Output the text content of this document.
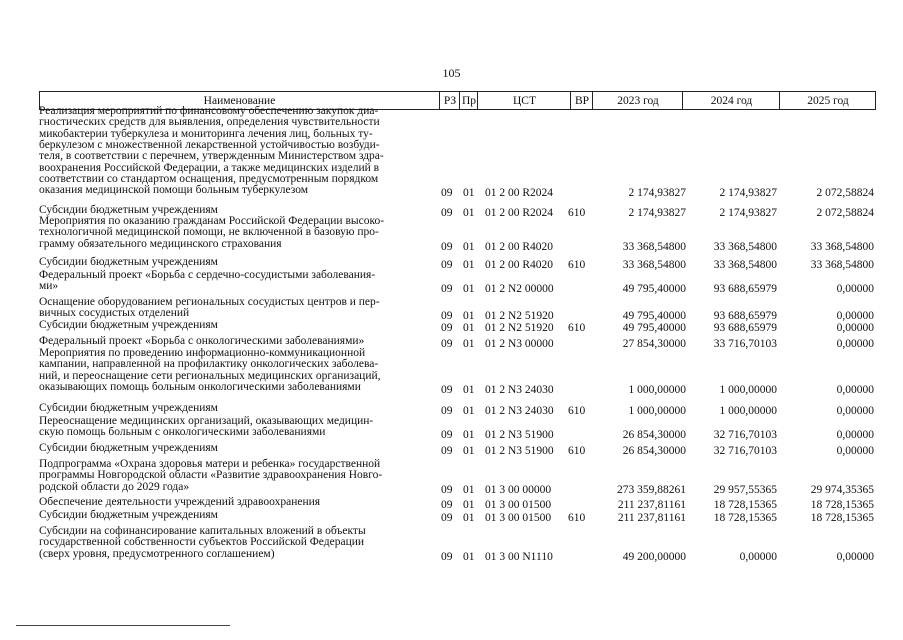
105
Наименование	РЗ Пр	ЦСТ	ВР	2023 год	2024 год	2025 год
Реализация мероприятий по финансовому обеспечению закупок диа-
гностических средств для выявления, определения чувствительности
микобактерии туберкулеза и мониторинга лечения лиц, больных ту-
беркулезом с множественной лекарственной устойчивостью возбуди-
теля, в соответствии с перечнем, утвержденным Министерством здра-
воохранения Российской Федерации, а также медицинских изделий в
соответствии со стандартом оснащения, предусмотренным порядком
оказания медицинской помощи больным туберкулезом	09 01 01 2 00 R2024	2 174,93827	2 174,93827	2 072,58824
Субсидии бюджетным учреждениям	09 01 01 2 00 R2024	610	2 174,93827	2 174,93827	2 072,58824
Мероприятия по оказанию гражданам Российской Федерации высоко-
технологичной медицинской помощи, не включенной в базовую про-
грамму обязательного медицинского страхования	09 01 01 2 00 R4020	33 368,54800	33 368,54800	33 368,54800
Субсидии бюджетным учреждениям	09 01 01 2 00 R4020	610	33 368,54800	33 368,54800	33 368,54800
Федеральный проект «Борьба с сердечно-сосудистыми заболевания-
ми»	09 01 01 2 N2 00000	49 795,40000	93 688,65979	0,00000
Оснащение оборудованием региональных сосудистых центров и пер-
вичных сосудистых отделений	09 01 01 2 N2 51920	49 795,40000	93 688,65979	0,00000
Субсидии бюджетным учреждениям	09 01 01 2 N2 51920	610	49 795,40000	93 688,65979	0,00000
Федеральный проект «Борьба с онкологическими заболеваниями»	09 01 01 2 N3 00000	27 854,30000	33 716,70103	0,00000
Мероприятия по проведению информационно-коммуникационной
кампании, направленной на профилактику онкологических заболева-
ний, и переоснащение сети региональных медицинских организаций,
оказывающих помощь больным онкологическими заболеваниями	09 01 01 2 N3 24030	1 000,00000	1 000,00000	0,00000
Субсидии бюджетным учреждениям	09 01 01 2 N3 24030	610	1 000,00000	1 000,00000	0,00000
Переоснащение медицинских организаций, оказывающих медицин-
скую помощь больным с онкологическими заболеваниями	09 01 01 2 N3 51900	26 854,30000	32 716,70103	0,00000
Субсидии бюджетным учреждениям	09 01 01 2 N3 51900	610	26 854,30000	32 716,70103	0,00000
Подпрограмма «Охрана здоровья матери и ребенка» государственной
программы Новгородской области «Развитие здравоохранения Новго-
родской области до 2029 года»	09 01 01 3 00 00000	273 359,88261	29 957,55365	29 974,35365
Обеспечение деятельности учреждений здравоохранения	09 01 01 3 00 01500	211 237,81161	18 728,15365	18 728,15365
Субсидии бюджетным учреждениям	09 01 01 3 00 01500	610	211 237,81161	18 728,15365	18 728,15365
Субсидии на софинансирование капитальных вложений в объекты
государственной собственности субъектов Российской Федерации
(сверх уровня, предусмотренного соглашением)	09 01 01 3 00 N1110	49 200,00000	0,00000	0,00000
